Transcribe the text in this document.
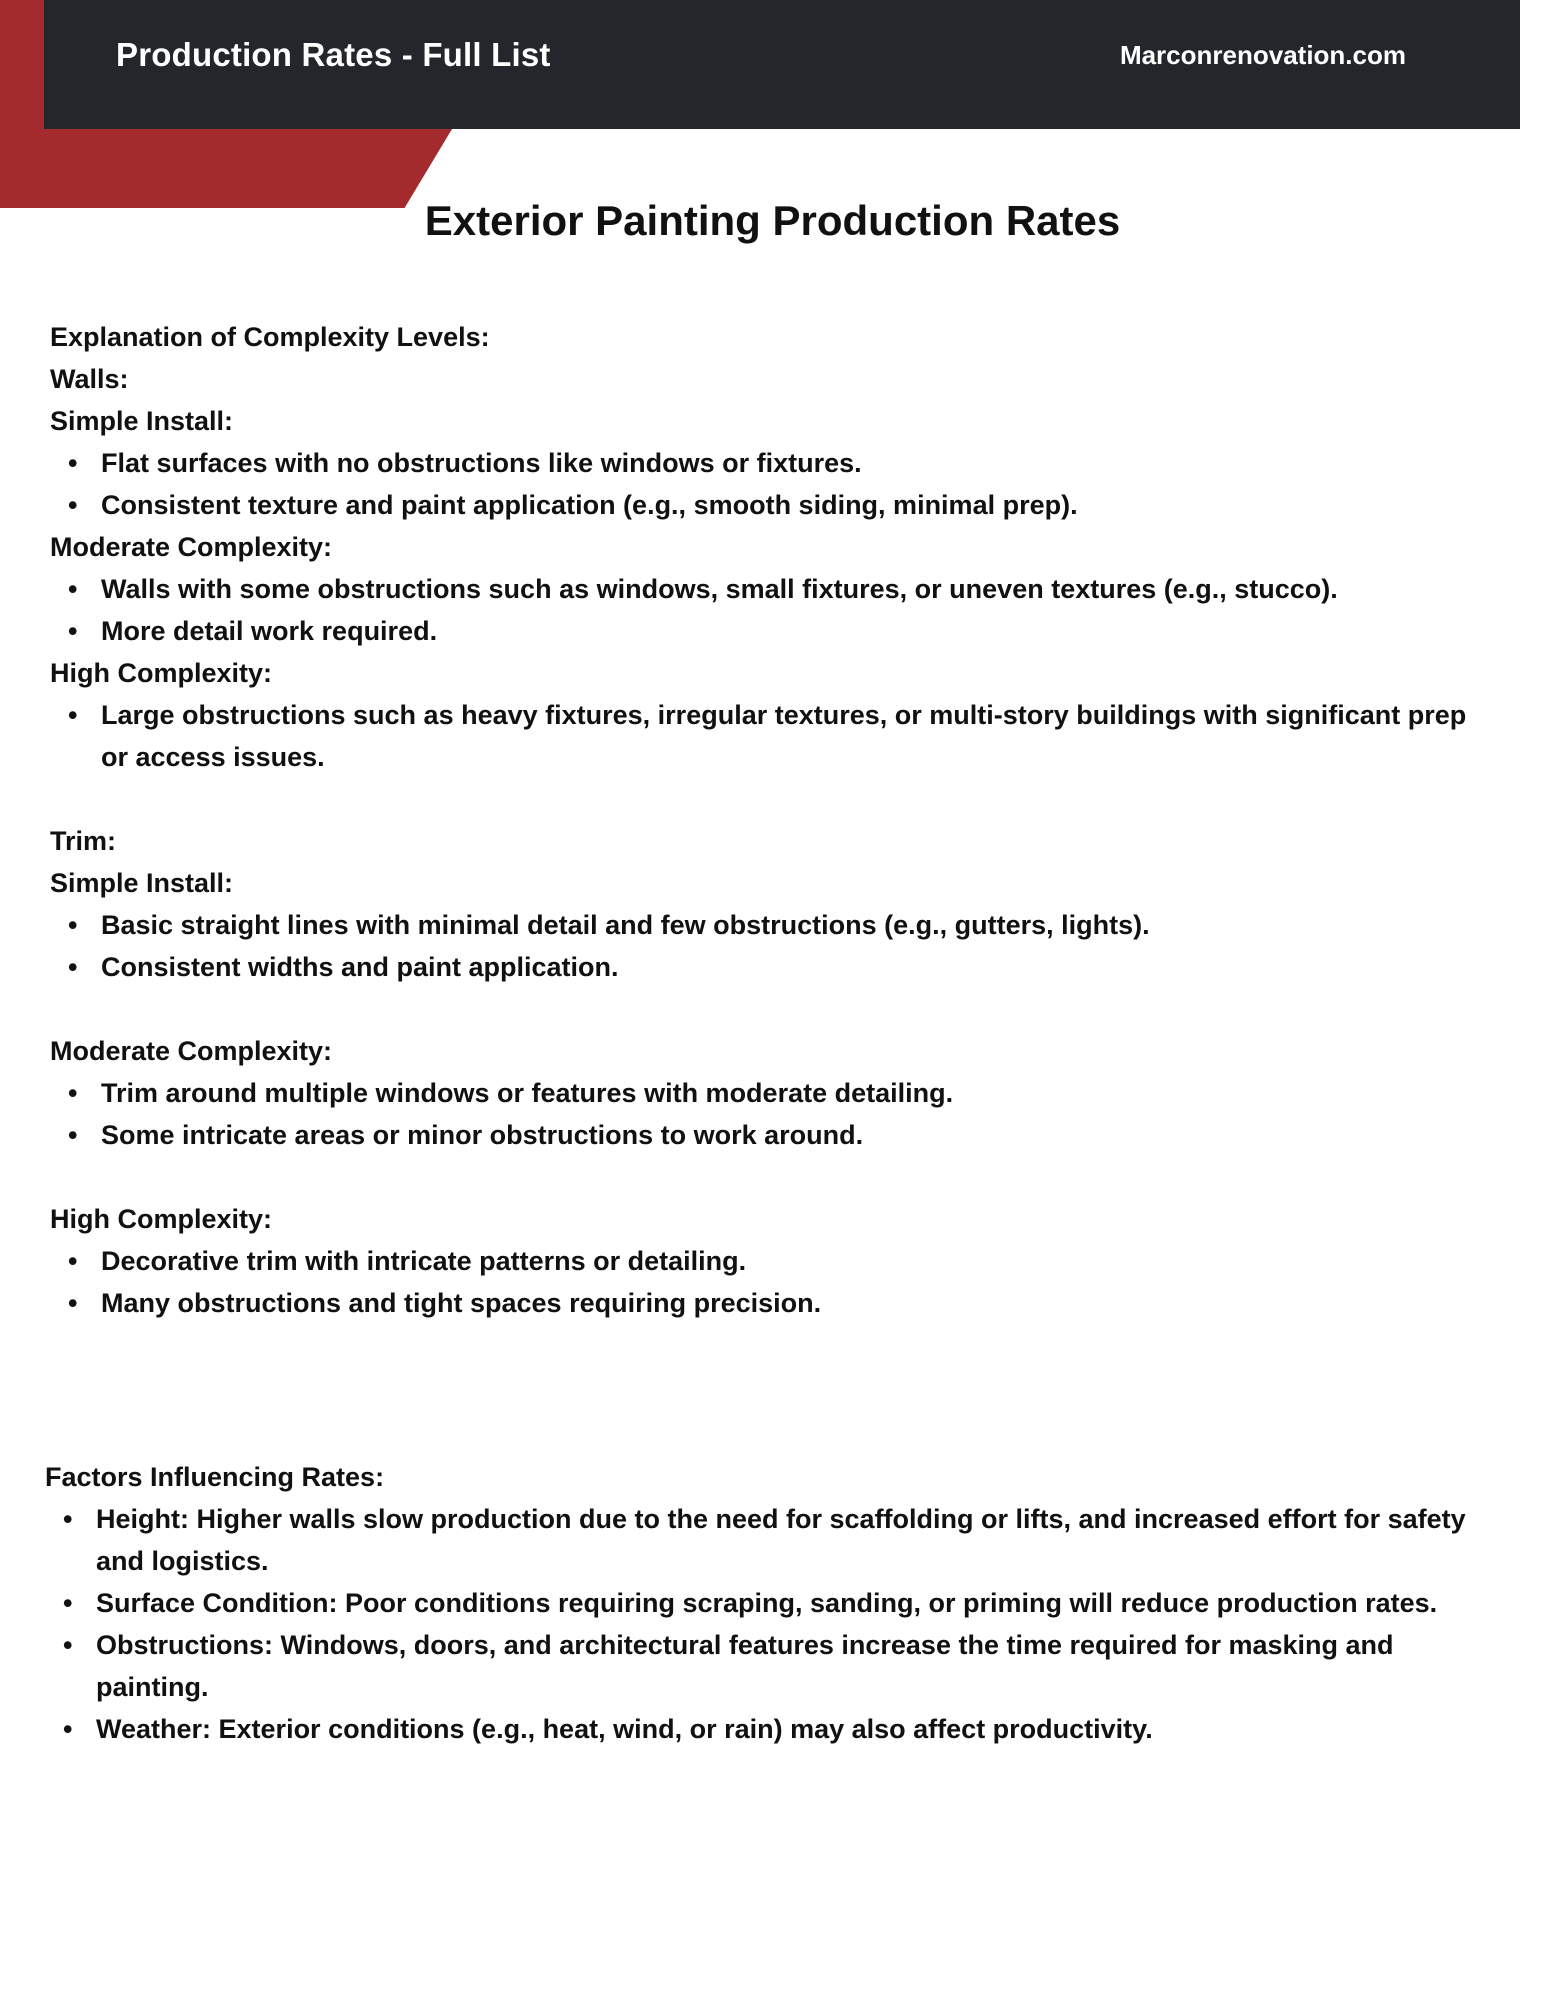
Production Rates - Full List	Marconrenovation.com
Exterior Painting Production Rates

Explanation of Complexity Levels:

Walls:

Simple Install:

• Flat surfaces with no obstructions like windows or fixtures.
• Consistent texture and paint application (e.g., smooth siding, minimal prep).

Moderate Complexity:

• Walls with some obstructions such as windows, small fixtures, or uneven textures (e.g., stucco).
• More detail work required.

High Complexity:

• Large obstructions such as heavy fixtures, irregular textures, or multi-story buildings with significant prep or access issues.

Trim:

Simple Install:

• Basic straight lines with minimal detail and few obstructions (e.g., gutters, lights).
• Consistent widths and paint application.

Moderate Complexity:

• Trim around multiple windows or features with moderate detailing.
• Some intricate areas or minor obstructions to work around.

High Complexity:

• Decorative trim with intricate patterns or detailing.
• Many obstructions and tight spaces requiring precision.

Factors Influencing Rates:

• Height: Higher walls slow production due to the need for scaffolding or lifts, and increased effort for safety and logistics.
• Surface Condition: Poor conditions requiring scraping, sanding, or priming will reduce production rates.
• Obstructions: Windows, doors, and architectural features increase the time required for masking and painting.
• Weather: Exterior conditions (e.g., heat, wind, or rain) may also affect productivity.
